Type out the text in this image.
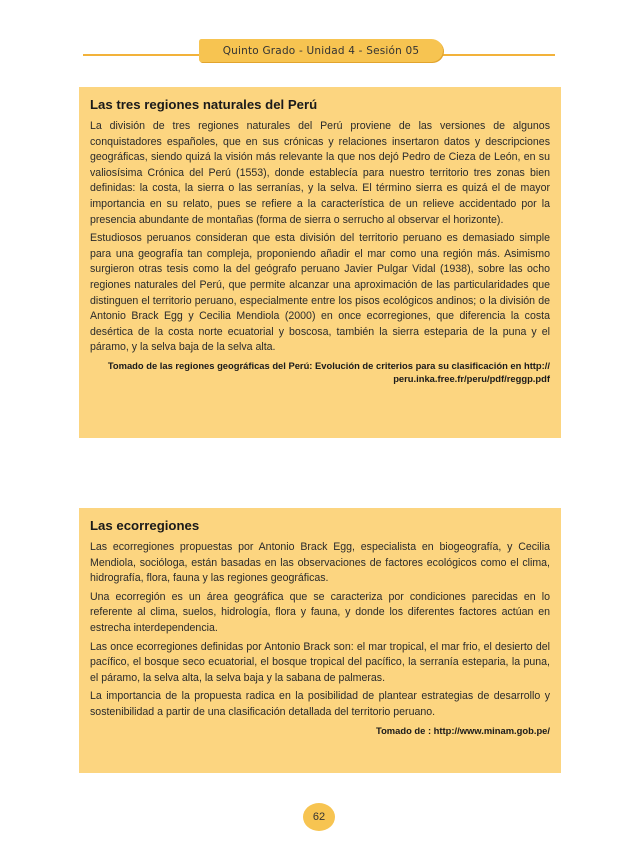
Quinto Grado - Unidad 4 - Sesión 05
Las tres regiones naturales del Perú

La división de tres regiones naturales del Perú proviene de las versiones de algunos conquistadores españoles, que en sus crónicas y relaciones insertaron datos y descripciones geográficas, siendo quizá la visión más relevante la que nos dejó Pedro de Cieza de León, en su valiosísima Crónica del Perú (1553), donde establecía para nuestro territorio tres zonas bien definidas: la costa, la sierra o las serranías, y la selva. El término sierra es quizá el de mayor importancia en su relato, pues se refiere a la característica de un relieve accidentado por la presencia abundante de montañas (forma de sierra o serrucho al observar el horizonte).

Estudiosos peruanos consideran que esta división del territorio peruano es demasiado simple para una geografía tan compleja, proponiendo añadir el mar como una región más. Asimismo surgieron otras tesis como la del geógrafo peruano Javier Pulgar Vidal (1938), sobre las ocho regiones naturales del Perú, que permite alcanzar una aproximación de las particularidades que distinguen el territorio peruano, especialmente entre los pisos ecológicos andinos; o la división de Antonio Brack Egg y Cecilia Mendiola (2000) en once ecorregiones, que diferencia la costa desértica de la costa norte ecuatorial y boscosa, también la sierra esteparia de la puna y el páramo, y la selva baja de la selva alta.

Tomado de las regiones geográficas del Perú: Evolución de criterios para su clasificación en http://
peru.inka.free.fr/peru/pdf/reggp.pdf

Las ecorregiones

Las ecorregiones propuestas por Antonio Brack Egg, especialista en biogeografía, y Cecilia Mendiola, socióloga, están basadas en las observaciones de factores ecológicos como el clima, hidrografía, flora, fauna y las regiones geográficas.

Una ecorregión es un área geográfica que se caracteriza por condiciones parecidas en lo referente al clima, suelos, hidrología, flora y fauna, y donde los diferentes factores actúan en estrecha interdependencia.

Las once ecorregiones definidas por Antonio Brack son: el mar tropical, el mar frio, el desierto del pacífico, el bosque seco ecuatorial, el bosque tropical del pacífico, la serranía esteparia, la puna, el páramo, la selva alta, la selva baja y la sabana de palmeras.

La importancia de la propuesta radica en la posibilidad de plantear estrategias de desarrollo y sostenibilidad a partir de una clasificación detallada del territorio peruano.

Tomado de : http://www.minam.gob.pe/

62
